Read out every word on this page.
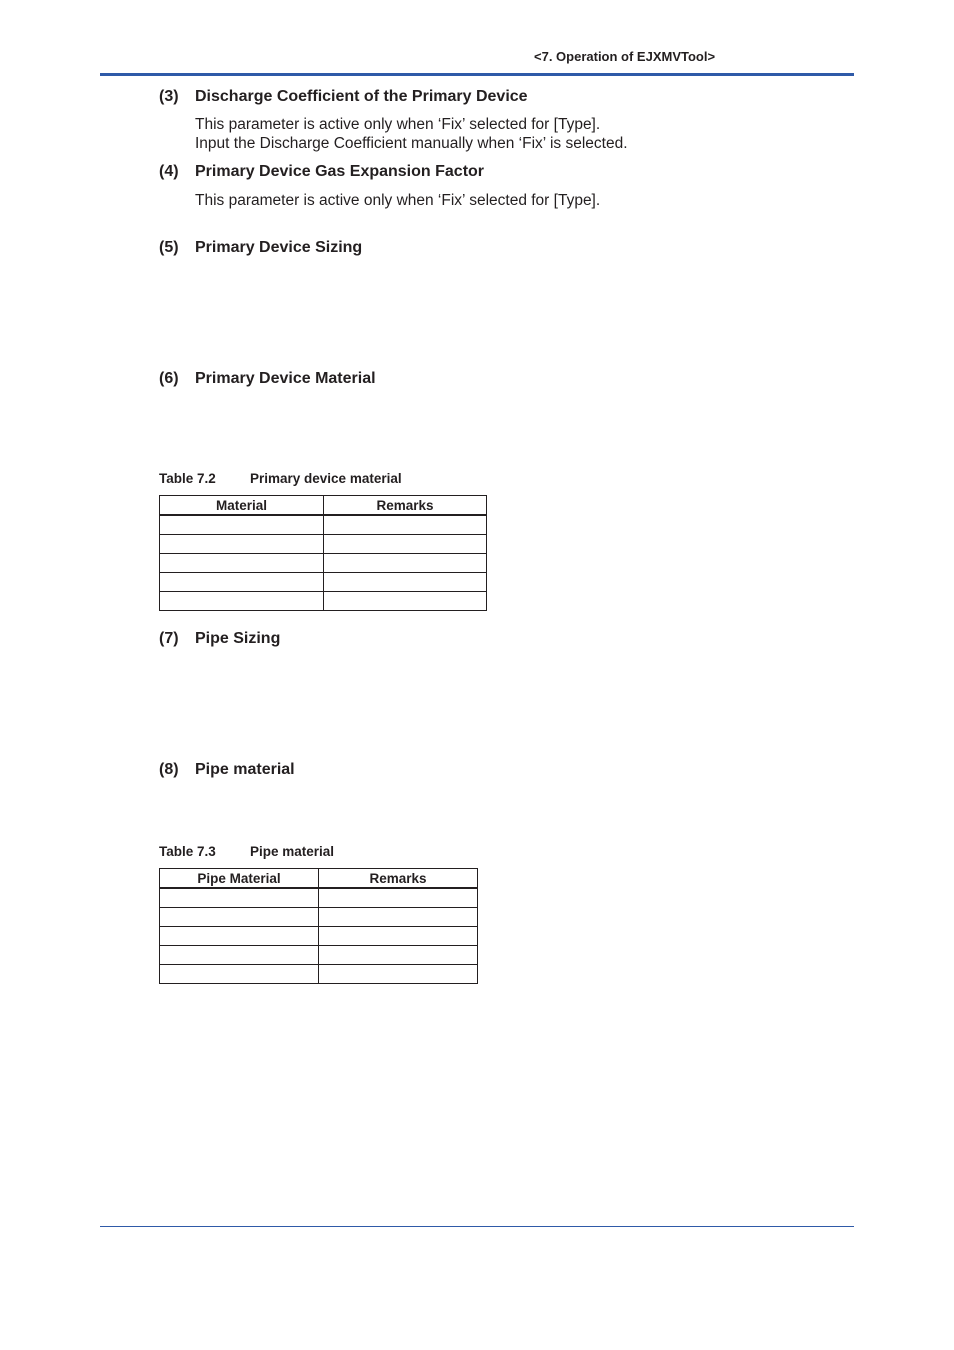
<7. Operation of EJXMVTool>
(3) Discharge Coefficient of the Primary Device
This parameter is active only when ‘Fix’ selected for [Type].
Input the Discharge Coefficient manually when ‘Fix’ is selected.
(4) Primary Device Gas Expansion Factor
This parameter is active only when ‘Fix’ selected for [Type].
(5) Primary Device Sizing
(6) Primary Device Material
Table 7.2	Primary device material
Material	Remarks

(7) Pipe Sizing
(8) Pipe material
Table 7.3	Pipe material
Pipe Material	Remarks
